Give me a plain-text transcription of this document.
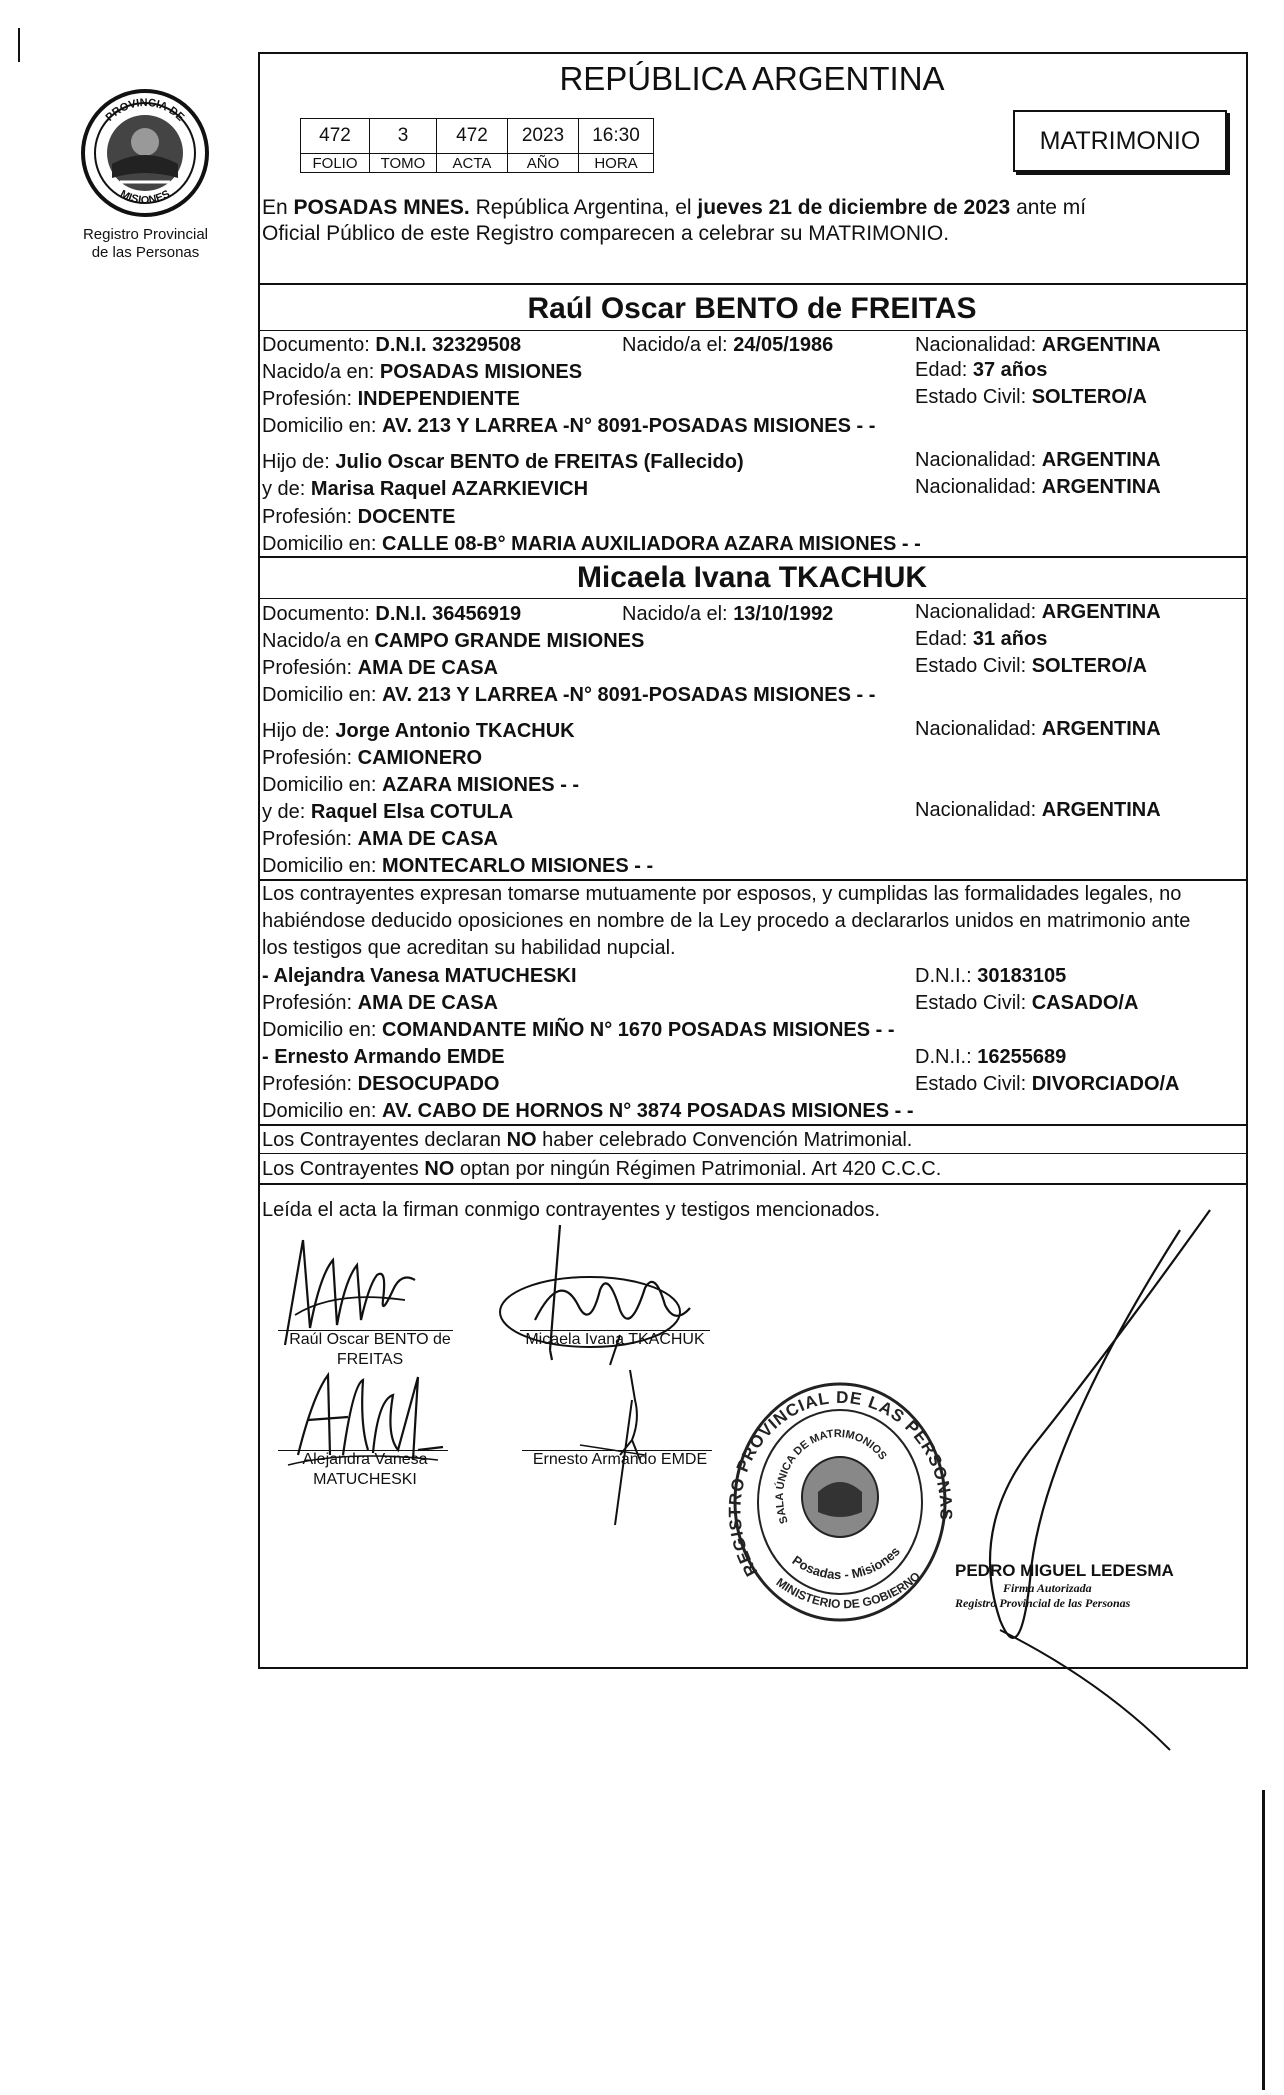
PROVINCIA DE
MISIONES
Registro Provincial
de las Personas
REPÚBLICA ARGENTINA
472	3	472	2023	16:30
FOLIO	TOMO	ACTA	AÑO	HORA
MATRIMONIO
En POSADAS MNES. República Argentina, el jueves 21 de diciembre de 2023 ante mí
Oficial Público de este Registro comparecen a celebrar su MATRIMONIO.
Raúl Oscar BENTO de FREITAS
Documento: D.N.I. 32329508	Nacido/a el: 24/05/1986	Nacionalidad: ARGENTINA
Nacido/a en: POSADAS MISIONES	Edad: 37 años
Profesión: INDEPENDIENTE	Estado Civil: SOLTERO/A
Domicilio en: AV. 213 Y LARREA -N° 8091-POSADAS MISIONES - -
Hijo de: Julio Oscar BENTO de FREITAS (Fallecido)	Nacionalidad: ARGENTINA
y de: Marisa Raquel AZARKIEVICH	Nacionalidad: ARGENTINA
Profesión: DOCENTE
Domicilio en: CALLE 08-B° MARIA AUXILIADORA AZARA MISIONES - -
Micaela Ivana TKACHUK
Documento: D.N.I. 36456919	Nacido/a el: 13/10/1992	Nacionalidad: ARGENTINA
Nacido/a en CAMPO GRANDE MISIONES	Edad: 31 años
Profesión: AMA DE CASA	Estado Civil: SOLTERO/A
Domicilio en: AV. 213 Y LARREA -N° 8091-POSADAS MISIONES - -
Hijo de: Jorge Antonio TKACHUK	Nacionalidad: ARGENTINA
Profesión: CAMIONERO
Domicilio en: AZARA MISIONES - -
y de: Raquel Elsa COTULA	Nacionalidad: ARGENTINA
Profesión: AMA DE CASA
Domicilio en: MONTECARLO MISIONES - -
Los contrayentes expresan tomarse mutuamente por esposos, y cumplidas las formalidades legales, no
habiéndose deducido oposiciones en nombre de la Ley procedo a declararlos unidos en matrimonio ante
los testigos que acreditan su habilidad nupcial.
- Alejandra Vanesa MATUCHESKI	D.N.I.: 30183105
Profesión: AMA DE CASA	Estado Civil: CASADO/A
Domicilio en: COMANDANTE MIÑO N° 1670 POSADAS MISIONES - -
- Ernesto Armando EMDE	D.N.I.: 16255689
Profesión: DESOCUPADO	Estado Civil: DIVORCIADO/A
Domicilio en: AV. CABO DE HORNOS N° 3874 POSADAS MISIONES - -
Los Contrayentes declaran NO haber celebrado Convención Matrimonial.
Los Contrayentes NO optan por ningún Régimen Patrimonial. Art 420 C.C.C.
Leída el acta la firman conmigo contrayentes y testigos mencionados.
Raúl Oscar BENTO de
FREITAS
Micaela Ivana TKACHUK
Alejandra Vanesa
MATUCHESKI
Ernesto Armando EMDE
REGISTRO PROVINCIAL DE LAS PERSONAS
SALA ÚNICA DE MATRIMONIOS
Posadas - Misiones
MINISTERIO DE GOBIERNO PEDRO MIGUEL LEDESMA
Firma Autorizada
Registro Provincial de las Personas
